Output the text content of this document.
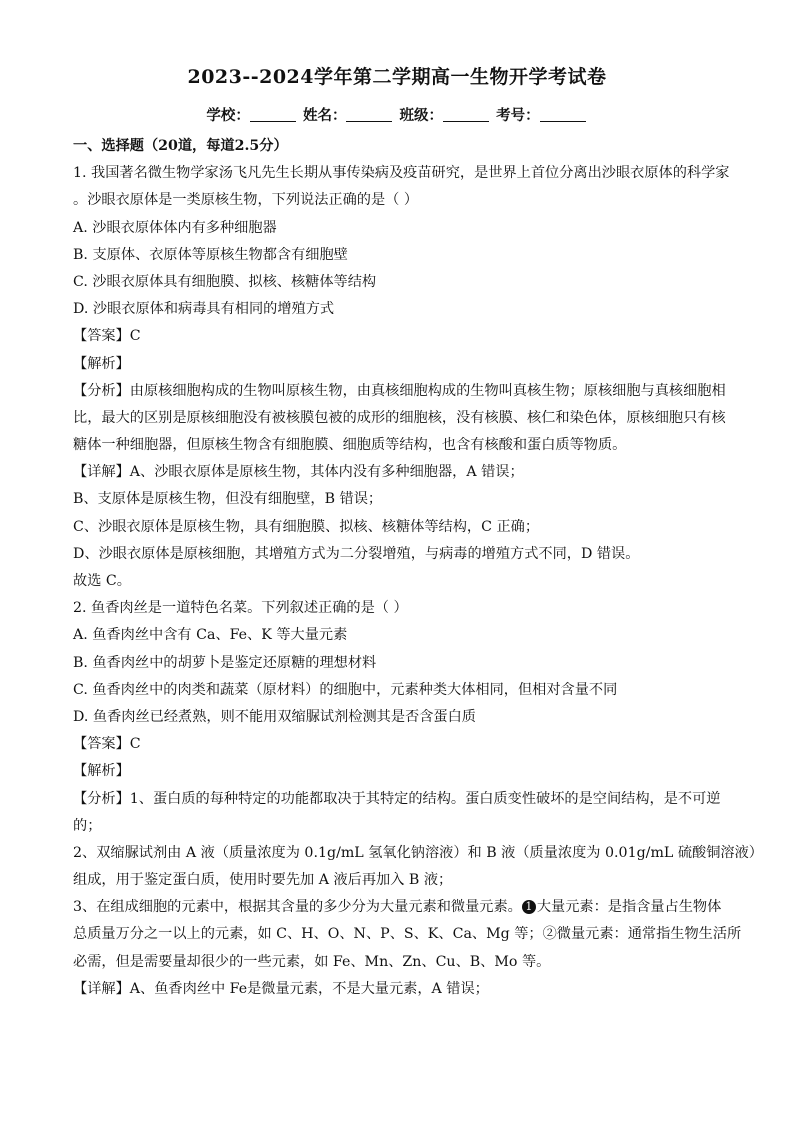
2023--2024学年第二学期高一生物开学考试卷
学校：	姓名：	班级：	考号：
一、选择题（20道，每道2.5分）
1. 我国著名微生物学家汤飞凡先生长期从事传染病及疫苗研究，是世界上首位分离出沙眼衣原体的科学家
。沙眼衣原体是一类原核生物，下列说法正确的是（ ）
A. 沙眼衣原体体内有多种细胞器
B. 支原体、衣原体等原核生物都含有细胞壁
C. 沙眼衣原体具有细胞膜、拟核、核糖体等结构
D. 沙眼衣原体和病毒具有相同的增殖方式
【答案】C
【解析】
【分析】由原核细胞构成的生物叫原核生物，由真核细胞构成的生物叫真核生物；原核细胞与真核细胞相
比，最大的区别是原核细胞没有被核膜包被的成形的细胞核，没有核膜、核仁和染色体，原核细胞只有核
糖体一种细胞器，但原核生物含有细胞膜、细胞质等结构，也含有核酸和蛋白质等物质。
【详解】A、沙眼衣原体是原核生物，其体内没有多种细胞器，A 错误；
B、支原体是原核生物，但没有细胞壁，B 错误；
C、沙眼衣原体是原核生物，具有细胞膜、拟核、核糖体等结构，C 正确；
D、沙眼衣原体是原核细胞，其增殖方式为二分裂增殖，与病毒的增殖方式不同，D 错误。
故选 C。
2. 鱼香肉丝是一道特色名菜。下列叙述正确的是（ ）
A. 鱼香肉丝中含有 Ca、Fe、K 等大量元素
B. 鱼香肉丝中的胡萝卜是鉴定还原糖的理想材料
C. 鱼香肉丝中的肉类和蔬菜（原材料）的细胞中，元素种类大体相同，但相对含量不同
D. 鱼香肉丝已经煮熟，则不能用双缩脲试剂检测其是否含蛋白质
【答案】C
【解析】
【分析】1、蛋白质的每种特定的功能都取决于其特定的结构。蛋白质变性破坏的是空间结构，是不可逆
的；
2、双缩脲试剂由 A 液（质量浓度为 0.1g/mL 氢氧化钠溶液）和 B 液（质量浓度为 0.01g/mL 硫酸铜溶液）
组成，用于鉴定蛋白质，使用时要先加 A 液后再加入 B 液；
3、在组成细胞的元素中，根据其含量的多少分为大量元素和微量元素。 1 大量元素：是指含量占生物体
总质量万分之一以上的元素，如 C、H、O、N、P、S、K、Ca、Mg 等；②微量元素：通常指生物生活所
必需，但是需要量却很少的一些元素，如 Fe、Mn、Zn、Cu、B、Mo 等。
【详解】A、鱼香肉丝中 Fe是微量元素，不是大量元素，A 错误；
